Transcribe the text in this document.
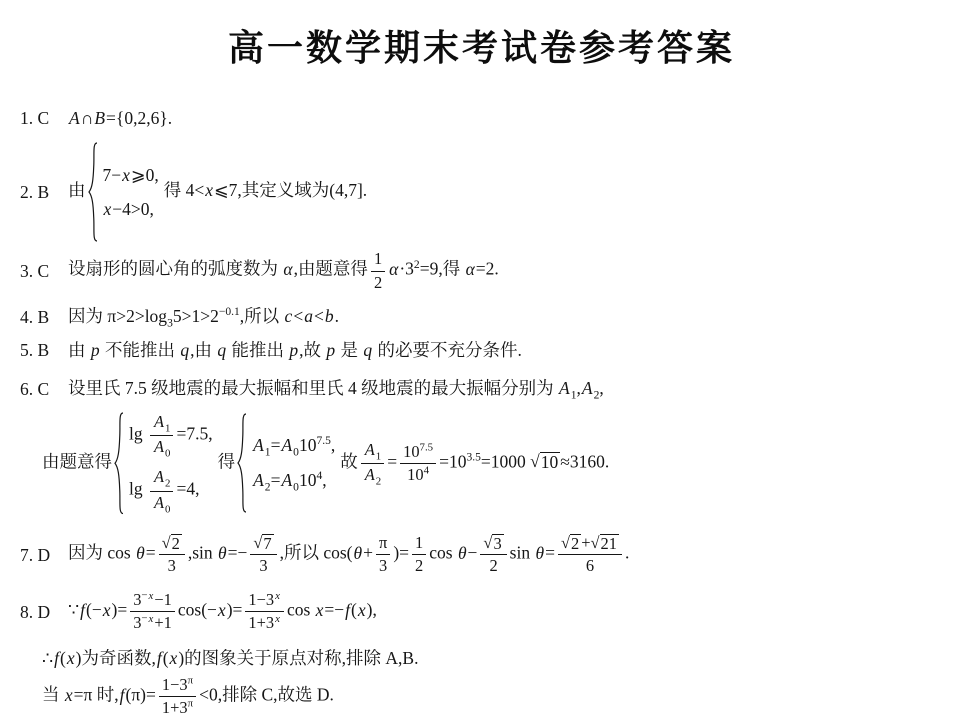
高一数学期末考试卷参考答案
1. C	A∩B={0,2,6}.
2. B	由
7−x⩾0,
x−4>0,
得 4<x⩽7,其定义域为(4,7].
3. C	设扇形的圆心角的弧度数为 α,由题意得 $\frac{1}{2} \alpha\cdot 3^2=9$,得 α=2.
4. B	因为 $\pi>2>\log_35>1>2^{-0.1}$,所以 c<a<b.
5. B	由 p 不能推出 q,由 q 能推出 p,故 p 是 q 的必要不充分条件.
6. C	设里氏 7.5 级地震的最大振幅和里氏 4 级地震的最大振幅分别为 $A_1,A_2$,
由题意得
$\lg \frac{A_1}{A_0} =7.5$,
$\lg \frac{A_2}{A_0} =4$,
得
$A_1=A_010^{7.5}$,
$A_2=A_010^4$,
故 $\frac{A_1}{A_2} = \frac{10^{7.5}}{10^4} =10^{3.5}=1000$ √ 10 ≈3160.
7. D	因为 $\cos \theta= \frac{√ 2}{3} ,\sin$ $\theta=- \frac{√ 7}{3}$ ,所以 $\cos(\theta+ \frac{\pi}{3}$ )= $\frac{1}{2}$ $\cos \theta- \frac{√ 3}{2}$ $\sin \theta= \frac{√ 2 + √ 21}{6}$ .
8. D	∵f(−x)= $\frac{3^{-x}-1}{3^{-x}+1} \cos(-x)= \frac{1-3^x}{1+3^x}$ cos x=−f(x),
∴f(x)为奇函数,f(x)的图象关于原点对称,排除 A,B.
当 x=π 时$,f(\pi)= \frac{1-3^\pi}{1+3^\pi} <0$,排除 C,故选 D.
